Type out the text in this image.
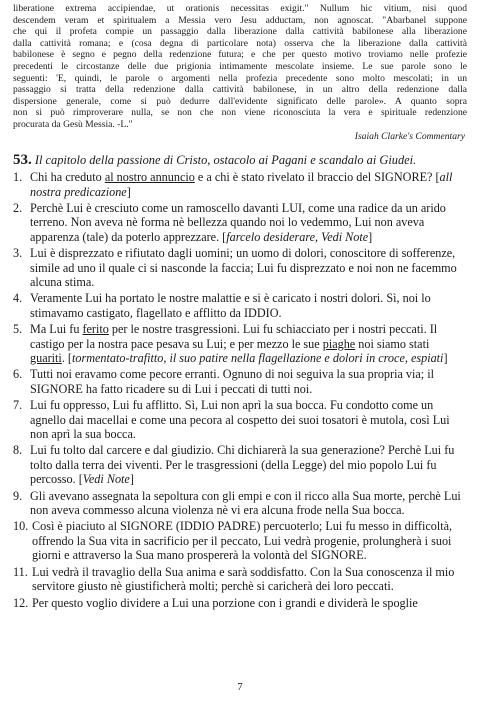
liberatione extrema accipiendae, ut orationis necessitas exigit." Nullum hic vitium, nisi quod
descendem veram et spiritualem a Messia vero Jesu adductam, non agnoscat. "Abarbanel suppone
che qui il profeta compie un passaggio dalla liberazione dalla cattività babilonese alla liberazione
dalla cattività romana; e (cosa degna di particolare nota) osserva che la liberazione dalla cattività
babilonese è segno e pegno della redenzione futura; e che per questo motivo troviamo nelle profezie
precedenti le circostanze delle due prigionia intimamente mescolate insieme. Le sue parole sono le
seguenti: 'E, quindi, le parole o argomenti nella profezia precedente sono molto mescolati; in un
passaggio si tratta della redenzione dalla cattività babilonese, in un altro della redenzione dalla
dispersione generale, come si può dedurre dall'evidente significato delle parole». A quanto sopra
non si può rimproverare nulla, se non che non viene riconosciuta la vera e spirituale redenzione
procurata da Gesù Messia. -L."

Isaiah Clarke's Commentary

53. Il capitolo della passione di Cristo, ostacolo ai Pagani e scandalo ai Giudei.
1. Chi ha creduto al nostro annuncio e a chi è stato rivelato il braccio del SIGNORE? [all nostra predicazione]
2. Perchè Lui è cresciuto come un ramoscello davanti LUI, come una radice da un arido terreno. Non aveva nè forma nè bellezza quando noi lo vedemmo, Lui non aveva apparenza (tale) da poterlo apprezzare. [farcelo desiderare, Vedi Note]
3. Lui è disprezzato e rifiutato dagli uomini; un uomo di dolori, conoscitore di sofferenze, simile ad uno il quale ci si nasconde la faccia; Lui fu disprezzato e noi non ne facemmo alcuna stima.
4. Veramente Lui ha portato le nostre malattie e si è caricato i nostri dolori. Sì, noi lo stimavamo castigato, flagellato e afflitto da IDDIO.
5. Ma Lui fu ferito per le nostre trasgressioni. Lui fu schiacciato per i nostri peccati. Il castigo per la nostra pace pesava su Lui; e per mezzo le sue piaghe noi siamo stati guariti. [tormentato-trafitto, il suo patire nella flagellazione e dolori in croce, espiati]
6. Tutti noi eravamo come pecore erranti. Ognuno di noi seguiva la sua propria via; il SIGNORE ha fatto ricadere su di Lui i peccati di tutti noi.
7. Lui fu oppresso, Lui fu afflitto. Sì, Lui non aprì la sua bocca. Fu condotto come un agnello dai macellai e come una pecora al cospetto dei suoi tosatori è mutola, così Lui non aprì la sua bocca.
8. Lui fu tolto dal carcere e dal giudizio. Chi dichiarerà la sua generazione? Perchè Lui fu tolto dalla terra dei viventi. Per le trasgressioni (della Legge) del mio popolo Lui fu percosso. [Vedi Note]
9. Gli avevano assegnata la sepoltura con gli empi e con il ricco alla Sua morte, perchè Lui non aveva commesso alcuna violenza nè vi era alcuna frode nella Sua bocca.
10. Così è piaciuto al SIGNORE (IDDIO PADRE) percuoterlo; Lui fu messo in difficoltà, offrendo la Sua vita in sacrificio per il peccato, Lui vedrà progenie, prolungherà i suoi giorni e attraverso la Sua mano prospererà la volontà del SIGNORE.
11. Lui vedrà il travaglio della Sua anima e sarà soddisfatto. Con la Sua conoscenza il mio servitore giusto nè giustificherà molti; perchè si caricherà dei loro peccati.
12. Per questo voglio dividere a Lui una porzione con i grandi e dividerà le spoglie
7
